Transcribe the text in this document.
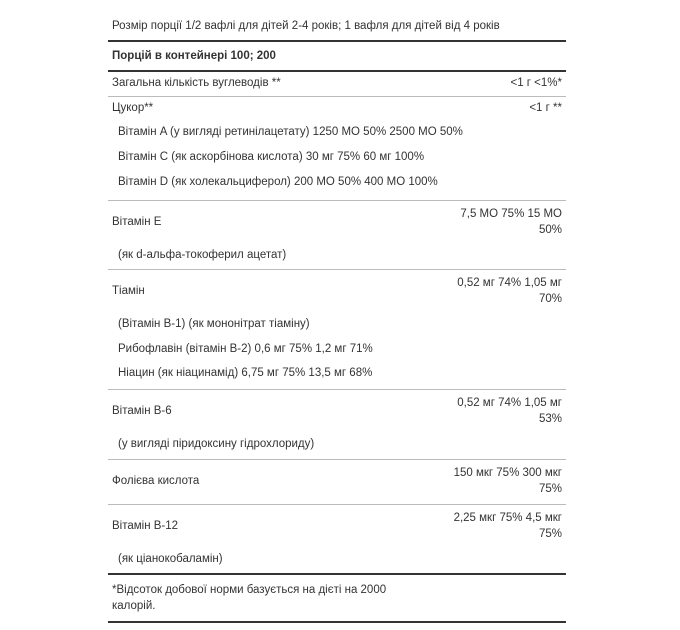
Розмір порції 1/2 вафлі для дітей 2-4 років; 1 вафля для дітей від 4 років
Порцій в контейнері 100; 200
Загальна кількість вуглеводів **	<1 г <1%*
Цукор**	<1 г **
Вітамін A (у вигляді ретинілацетату) 1250 МО 50% 2500 МО 50%
Вітамін C (як аскорбінова кислота) 30 мг 75% 60 мг 100%
Вітамін D (як холекальциферол) 200 МО 50% 400 МО 100%
Вітамін E
7,5 МО 75% 15 МО 50%
(як d-альфа-токоферил ацетат)
Тіамін
0,52 мг 74% 1,05 мг 70%
(Вітамін B-1) (як мононітрат тіаміну)
Рибофлавін (вітамін B-2) 0,6 мг 75% 1,2 мг 71%
Ніацин (як ніацинамід) 6,75 мг 75% 13,5 мг 68%
Вітамін B-6
0,52 мг 74% 1,05 мг 53%
(у вигляді піридоксину гідрохлориду)
Фолієва кислота
150 мкг 75% 300 мкг 75%
Вітамін B-12
2,25 мкг 75% 4,5 мкг 75%
(як ціанокобаламін)
*Відсоток добової норми базується на дієті на 2000 калорій.
